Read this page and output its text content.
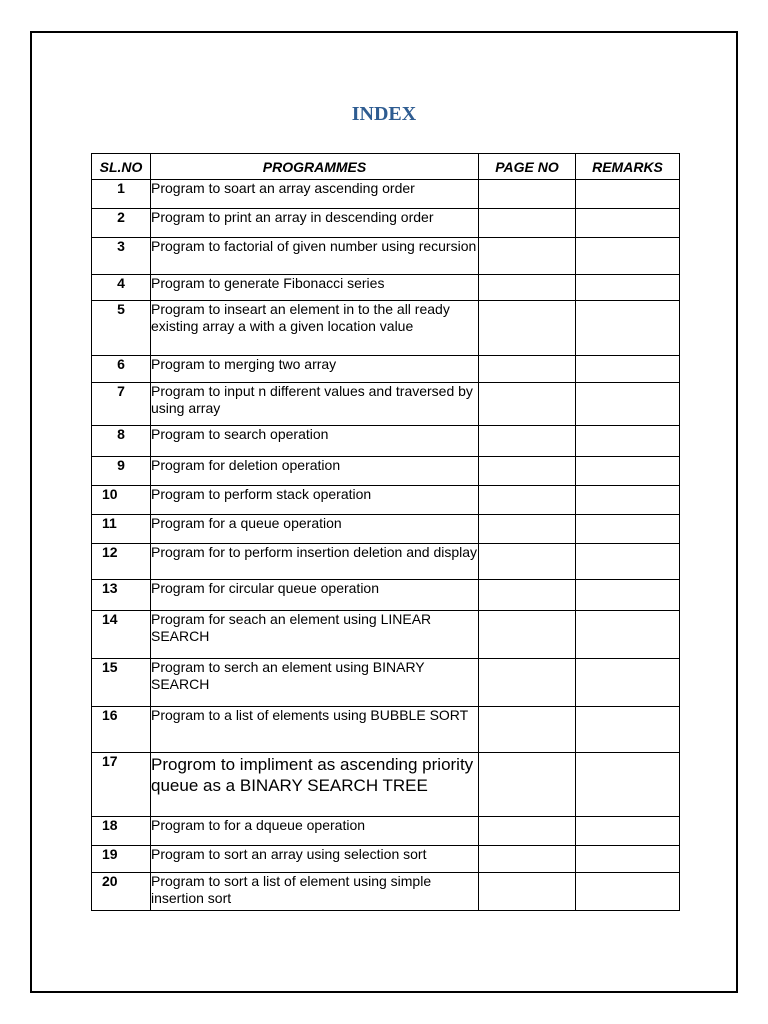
INDEX
SL.NO	PROGRAMMES	PAGE NO	REMARKS
1	Program to soart an array ascending order		
2	Program to print an array in descending order		
3	Program to factorial of given number using recursion		
4	Program to generate Fibonacci series		
5	Program to inseart an element in to the all ready existing array a with a given location value		
6	Program to merging two array		
7	Program to input n different values and traversed by using array		
8	Program to search operation		
9	Program for deletion operation		
10	Program to perform stack operation		
11	Program for a queue operation		
12	Program for to perform insertion deletion and display		
13	Program for circular queue operation		
14	Program for seach an element using LINEAR SEARCH		
15	Program to serch an element using BINARY SEARCH		
16	Program to a list of elements using BUBBLE SORT		
17	Progrom to impliment as ascending priority queue as a BINARY SEARCH TREE		
18	Program to for a dqueue operation		
19	Program to sort an array using selection sort		
20	Program to sort a list of element using simple insertion sort		
